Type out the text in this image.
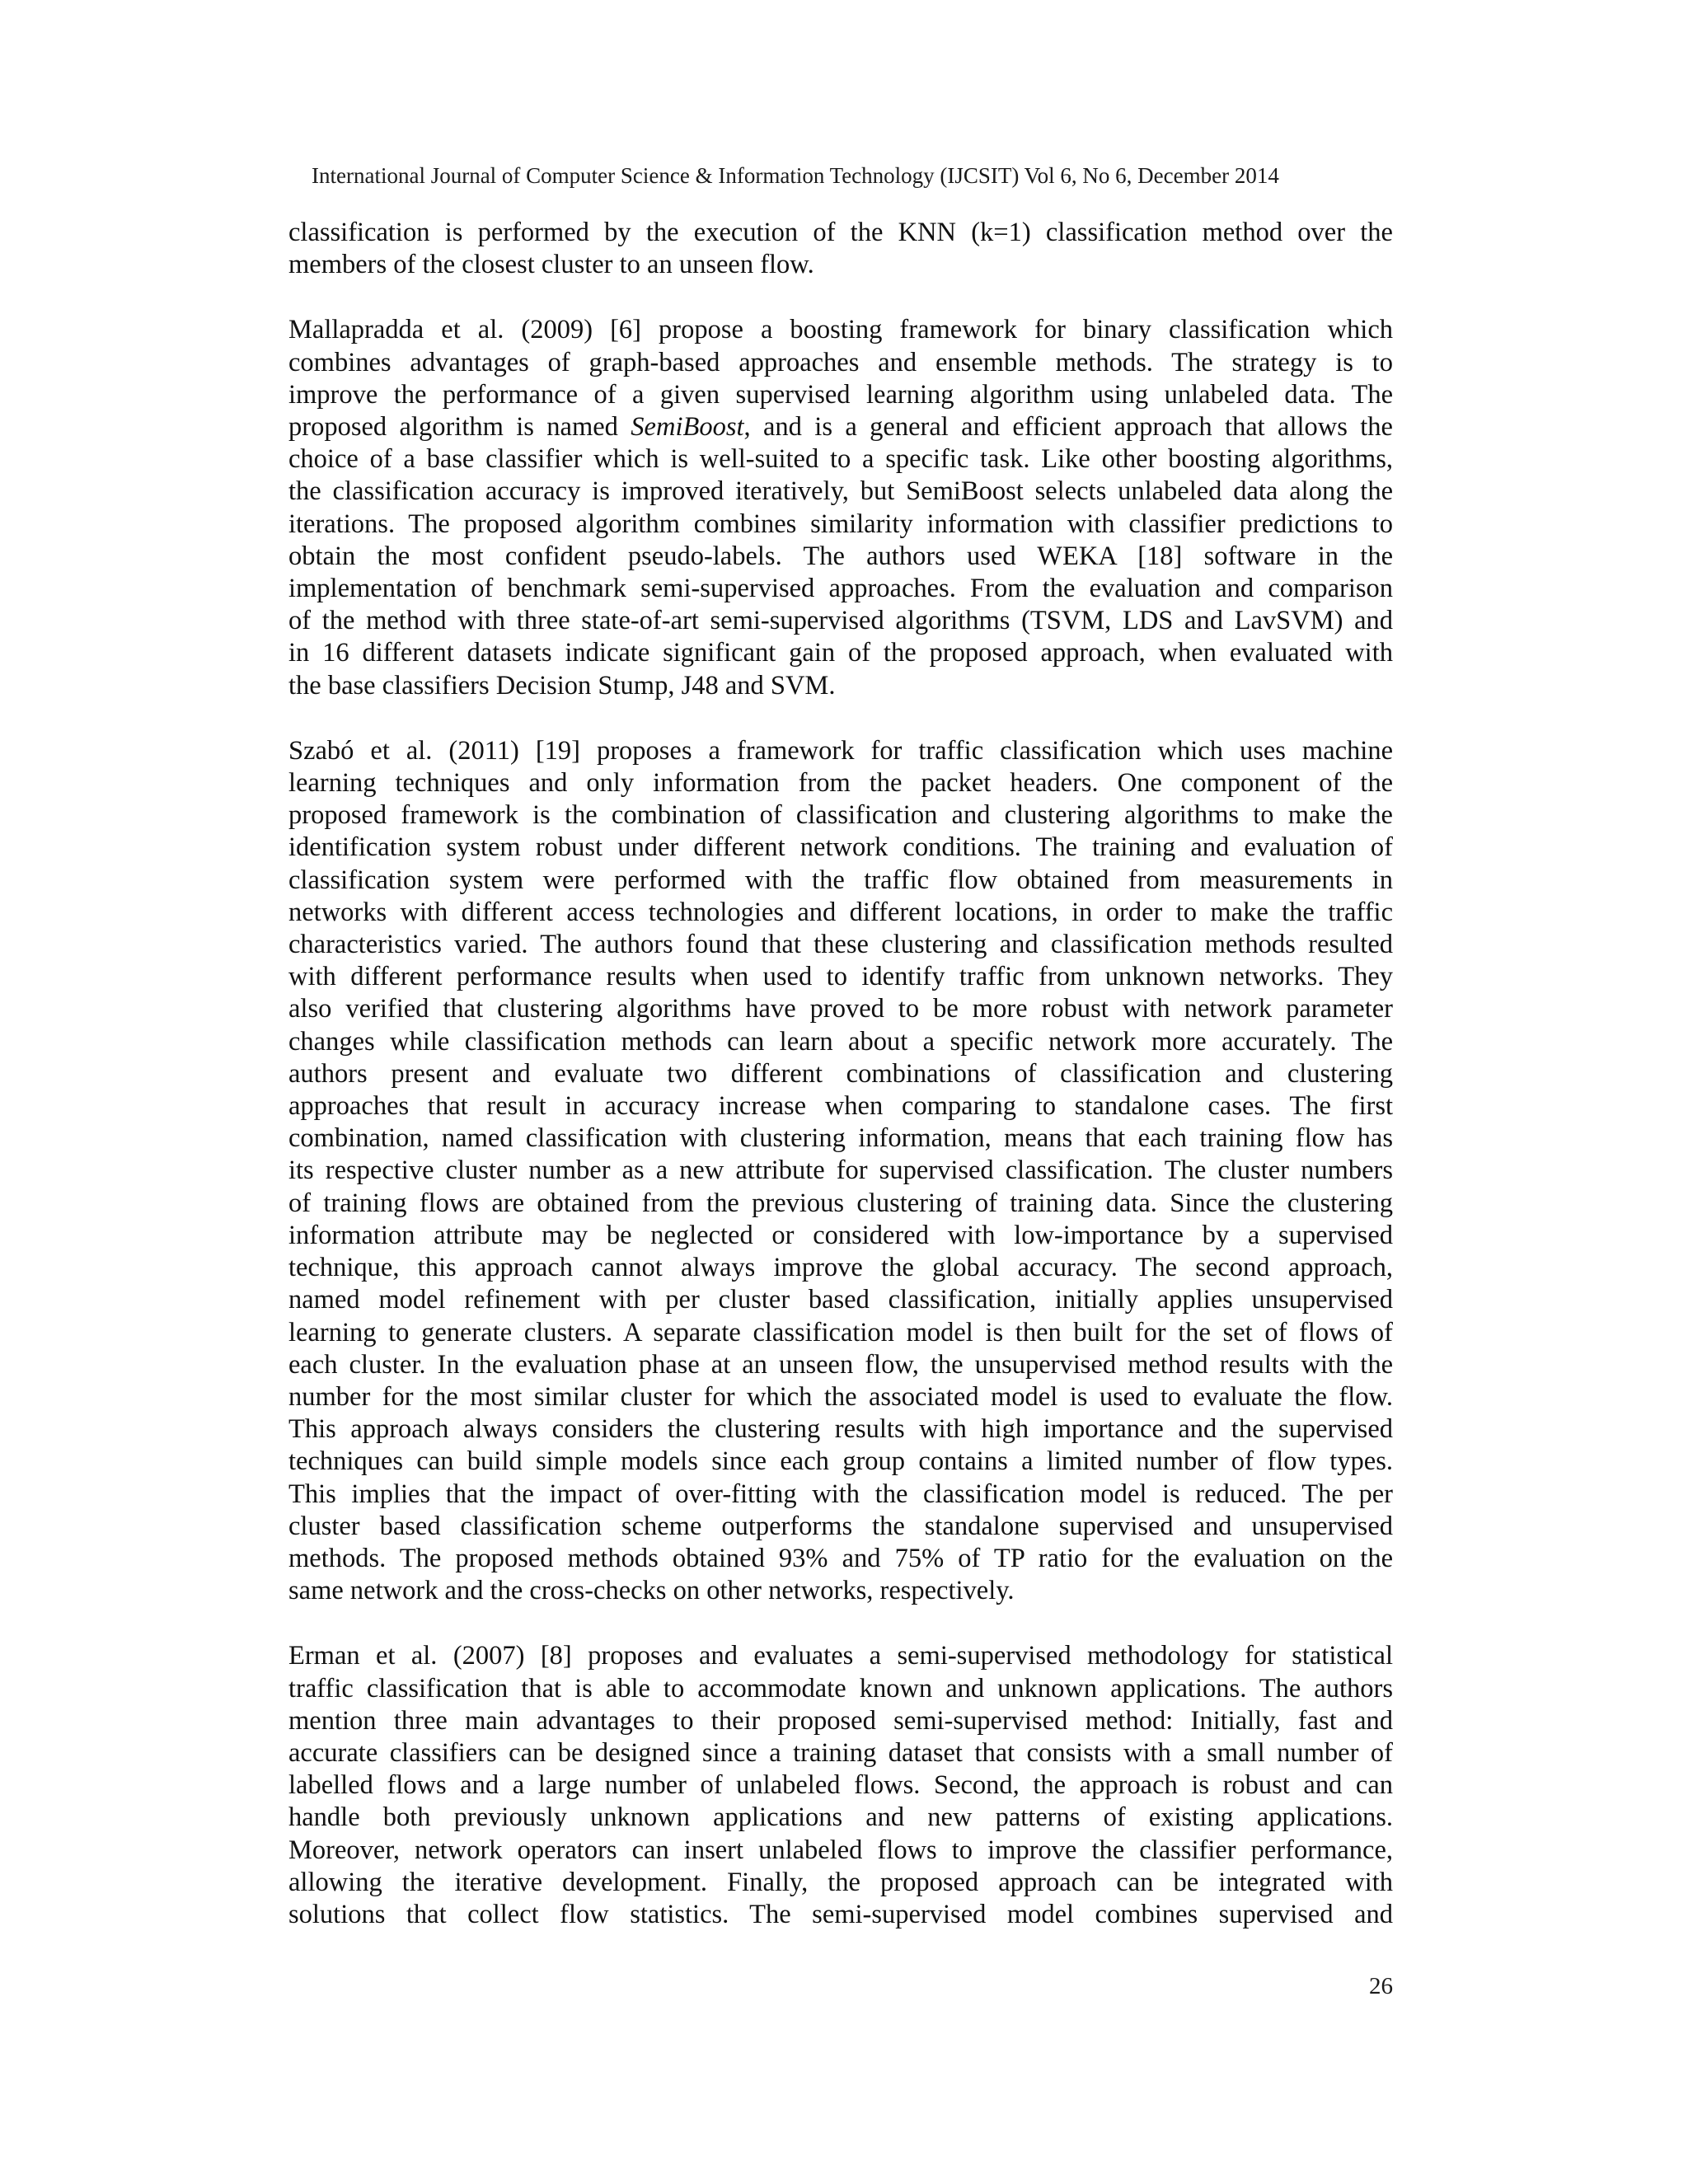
International Journal of Computer Science & Information Technology (IJCSIT) Vol 6, No 6, December 2014

classification is performed by the execution of the KNN (k=1) classification method over the
members of the closest cluster to an unseen flow.

Mallapradda et al. (2009) [6] propose a boosting framework for binary classification which
combines advantages of graph-based approaches and ensemble methods. The strategy is to
improve the performance of a given supervised learning algorithm using unlabeled data. The
proposed algorithm is named SemiBoost, and is a general and efficient approach that allows the
choice of a base classifier which is well-suited to a specific task. Like other boosting algorithms,
the classification accuracy is improved iteratively, but SemiBoost selects unlabeled data along the
iterations. The proposed algorithm combines similarity information with classifier predictions to
obtain the most confident pseudo-labels. The authors used WEKA [18] software in the
implementation of benchmark semi-supervised approaches. From the evaluation and comparison
of the method with three state-of-art semi-supervised algorithms (TSVM, LDS and LavSVM) and
in 16 different datasets indicate significant gain of the proposed approach, when evaluated with
the base classifiers Decision Stump, J48 and SVM.

Szabó et al. (2011) [19] proposes a framework for traffic classification which uses machine
learning techniques and only information from the packet headers. One component of the
proposed framework is the combination of classification and clustering algorithms to make the
identification system robust under different network conditions. The training and evaluation of
classification system were performed with the traffic flow obtained from measurements in
networks with different access technologies and different locations, in order to make the traffic
characteristics varied. The authors found that these clustering and classification methods resulted
with different performance results when used to identify traffic from unknown networks. They
also verified that clustering algorithms have proved to be more robust with network parameter
changes while classification methods can learn about a specific network more accurately. The
authors present and evaluate two different combinations of classification and clustering
approaches that result in accuracy increase when comparing to standalone cases. The first
combination, named classification with clustering information, means that each training flow has
its respective cluster number as a new attribute for supervised classification. The cluster numbers
of training flows are obtained from the previous clustering of training data. Since the clustering
information attribute may be neglected or considered with low-importance by a supervised
technique, this approach cannot always improve the global accuracy. The second approach,
named model refinement with per cluster based classification, initially applies unsupervised
learning to generate clusters. A separate classification model is then built for the set of flows of
each cluster. In the evaluation phase at an unseen flow, the unsupervised method results with the
number for the most similar cluster for which the associated model is used to evaluate the flow.
This approach always considers the clustering results with high importance and the supervised
techniques can build simple models since each group contains a limited number of flow types.
This implies that the impact of over-fitting with the classification model is reduced. The per
cluster based classification scheme outperforms the standalone supervised and unsupervised
methods. The proposed methods obtained 93% and 75% of TP ratio for the evaluation on the
same network and the cross-checks on other networks, respectively.

Erman et al. (2007) [8] proposes and evaluates a semi-supervised methodology for statistical
traffic classification that is able to accommodate known and unknown applications. The authors
mention three main advantages to their proposed semi-supervised method: Initially, fast and
accurate classifiers can be designed since a training dataset that consists with a small number of
labelled flows and a large number of unlabeled flows. Second, the approach is robust and can
handle both previously unknown applications and new patterns of existing applications.
Moreover, network operators can insert unlabeled flows to improve the classifier performance,
allowing the iterative development. Finally, the proposed approach can be integrated with
solutions that collect flow statistics. The semi-supervised model combines supervised and

26
